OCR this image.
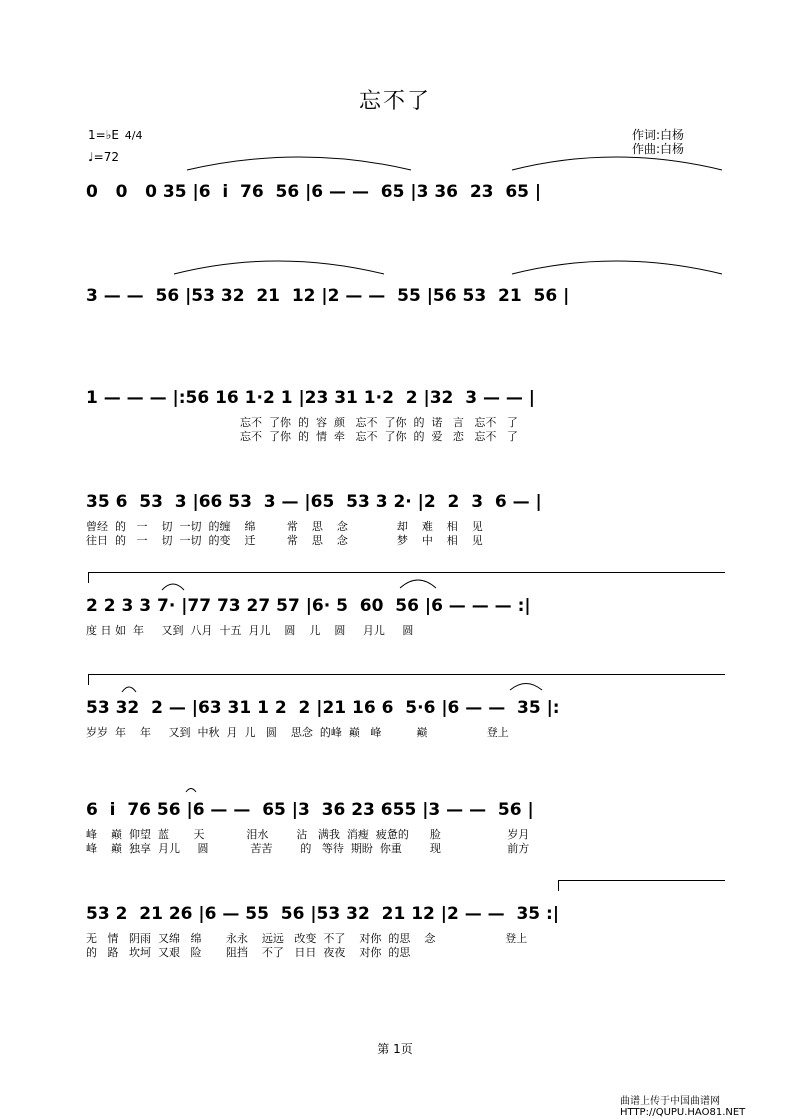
忘不了
1=♭E 4/4
♩=72
作词:白杨
作曲:白杨
0   0   0 35 |6  i  76  56 |6 — —  65 |3 36  23  65 |
3 — —  56 |53 32  21  12 |2 — —  55 |56 53  21  56 |
1 — — — |:56 16 1·2 1 |23 31 1·2  2 |32  3 — — |
忘不  了你  的  容  颜   忘不  了你  的  诺   言   忘不   了
忘不  了你  的  情  牵   忘不  了你  的  爱   恋   忘不   了
35 6  53  3 |66 53  3 — |65  53 3 2· |2  2  3  6 — |
曾经  的   一    切  一切  的缠    绵         常    思    念              却    难    相    见
往日  的   一    切  一切  的变    迁         常    思    念              梦    中    相    见
2 2 3 3 7· |77 73 27 57 |6· 5  60  56 |6 — — — :|
度 日 如  年     又到  八月  十五  月儿    圆    儿    圆     月儿     圆
53 32  2 — |63 31 1 2  2 |21 16 6  5·6 |6 — —  35 |:
岁岁  年    年     又到  中秋  月  儿   圆    思念  的峰  巅   峰          巅                 登上
6  i  76 56 |6 — —  65 |3  36 23 655 |3 — —  56 |
峰    巅  仰望  蓝       天            泪水        沾   满我  消瘦  疲惫的      脸                   岁月
峰    巅  独享  月儿     圆            苦苦        的   等待  期盼  你重        现                   前方
53 2  21 26 |6 — 55  56 |53 32  21 12 |2 — —  35 :|
无   情   阴雨  又绵   绵       永永    远远   改变  不了    对你  的思    念                    登上
的   路   坎坷  又艰   险       阻挡    不了   日日  夜夜    对你  的思
第 1页
曲谱上传于中国曲谱网
HTTP://QUPU.HAO81.NET
